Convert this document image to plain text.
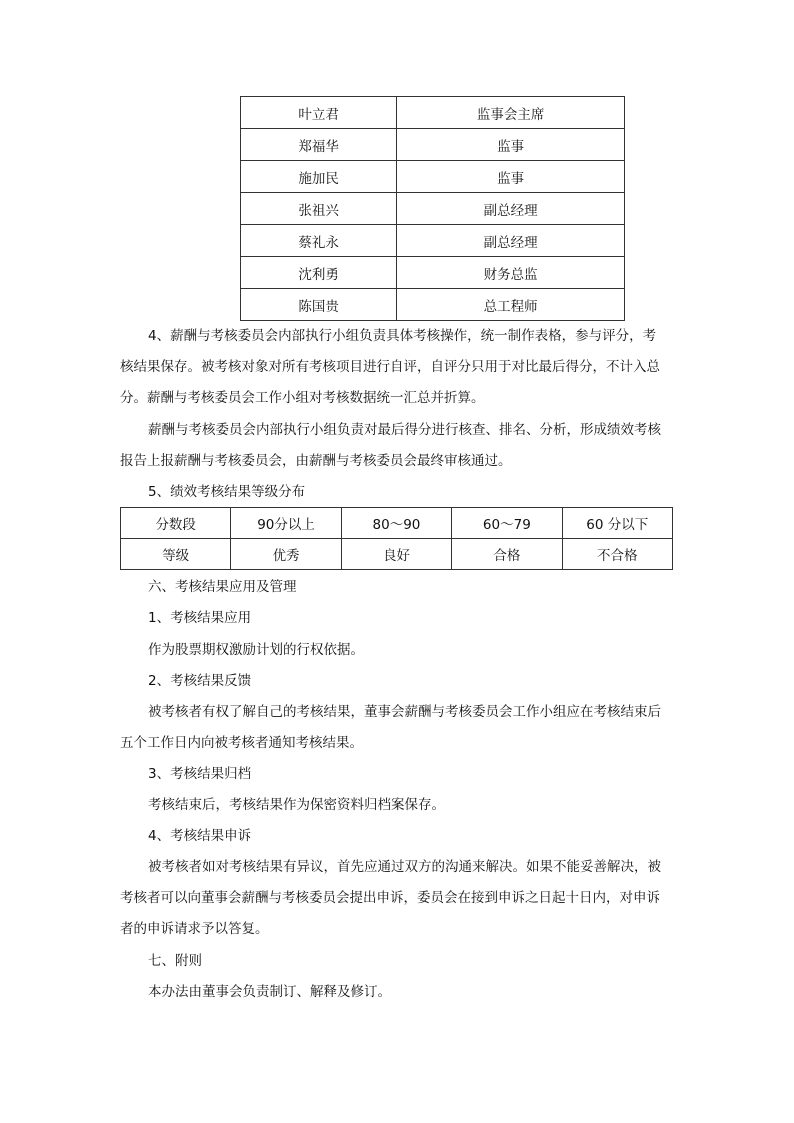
叶立君	监事会主席
郑福华	监事
施加民	监事
张祖兴	副总经理
蔡礼永	副总经理
沈利勇	财务总监
陈国贵	总工程师
4、薪酬与考核委员会内部执行小组负责具体考核操作，统一制作表格，参与评分，考
核结果保存。被考核对象对所有考核项目进行自评，自评分只用于对比最后得分，不计入总
分。薪酬与考核委员会工作小组对考核数据统一汇总并折算。
薪酬与考核委员会内部执行小组负责对最后得分进行核查、排名、分析，形成绩效考核
报告上报薪酬与考核委员会，由薪酬与考核委员会最终审核通过。
5、绩效考核结果等级分布
分数段	90分以上	80～90	60～79	60 分以下
等级	优秀	良好	合格	不合格
六、考核结果应用及管理
1、考核结果应用
作为股票期权激励计划的行权依据。
2、考核结果反馈
被考核者有权了解自己的考核结果，董事会薪酬与考核委员会工作小组应在考核结束后
五个工作日内向被考核者通知考核结果。
3、考核结果归档
考核结束后，考核结果作为保密资料归档案保存。
4、考核结果申诉
被考核者如对考核结果有异议，首先应通过双方的沟通来解决。如果不能妥善解决，被
考核者可以向董事会薪酬与考核委员会提出申诉，委员会在接到申诉之日起十日内，对申诉
者的申诉请求予以答复。
七、附则
本办法由董事会负责制订、解释及修订。
